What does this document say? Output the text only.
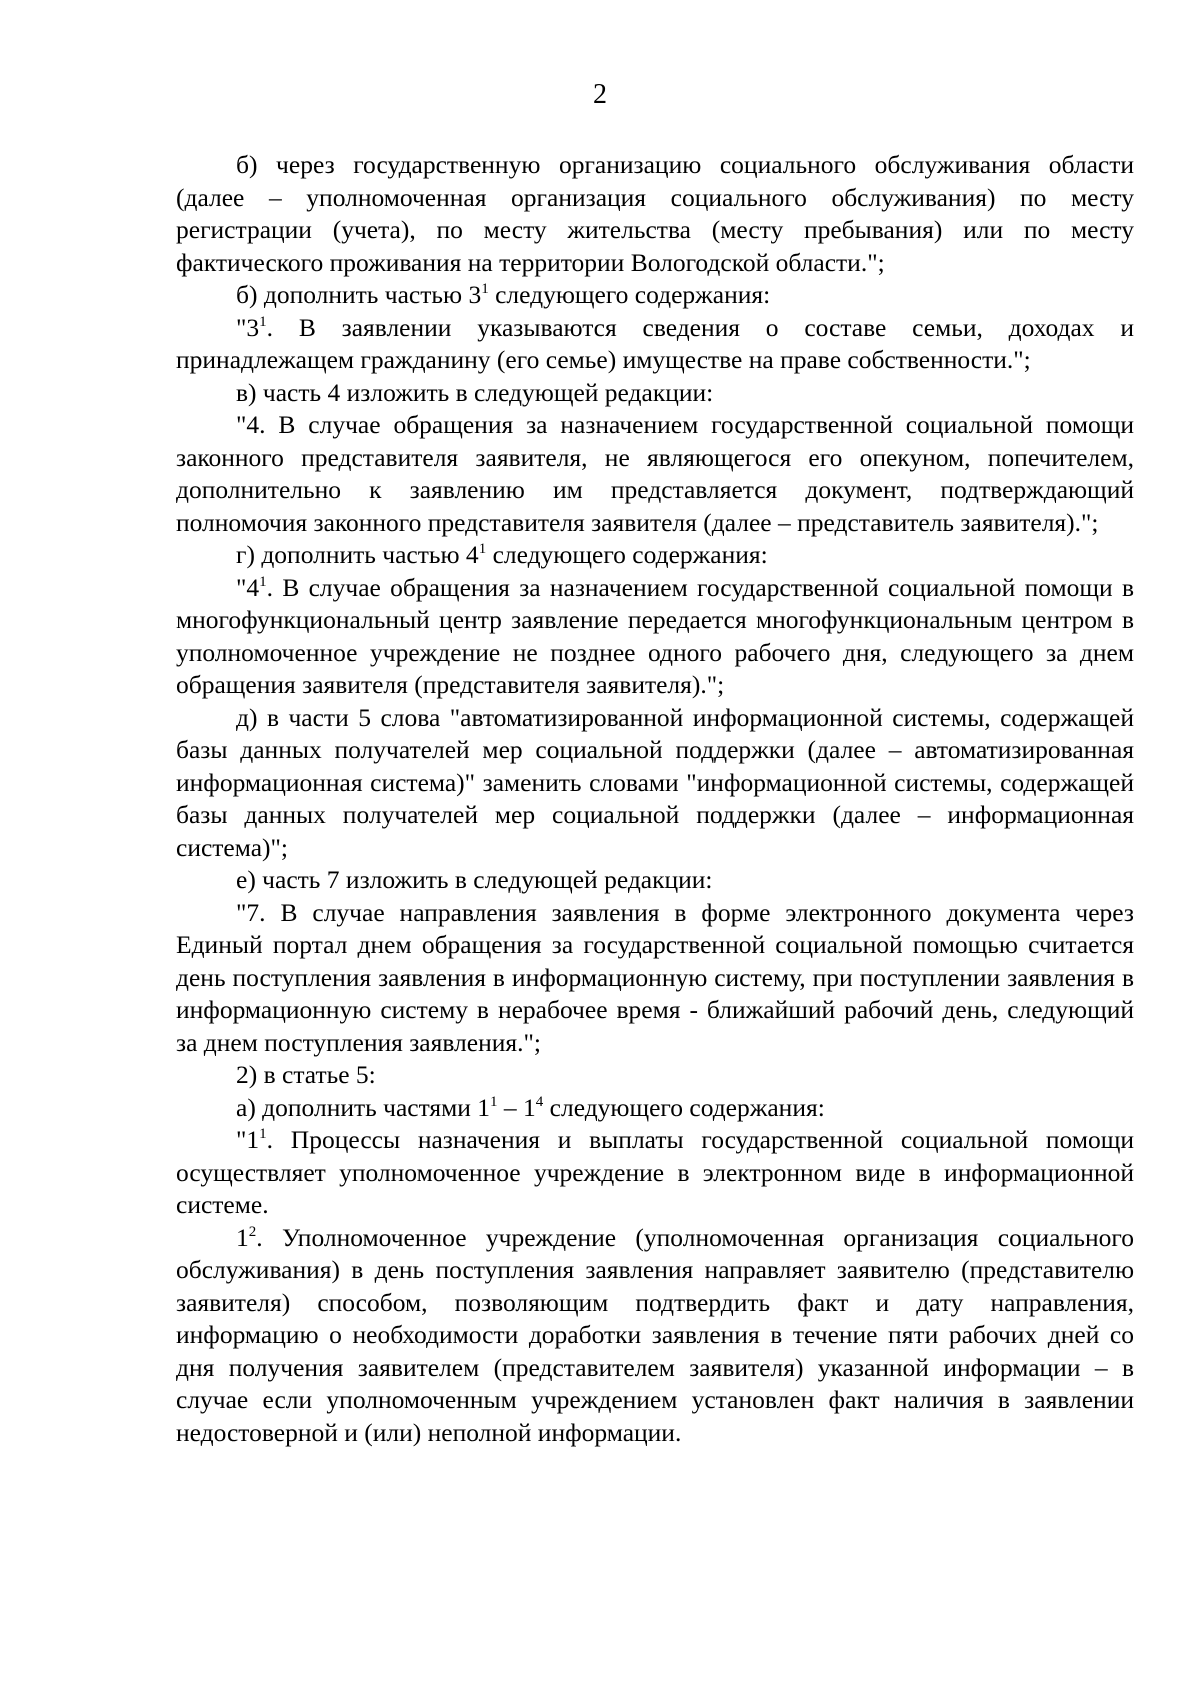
2

б) через государственную организацию социального обслуживания области (далее – уполномоченная организация социального обслуживания) по месту регистрации (учета), по месту жительства (месту пребывания) или по месту фактического проживания на территории Вологодской области.";

б) дополнить частью $3^1$ следующего содержания:

"$3^1$. В заявлении указываются сведения о составе семьи, доходах и принадлежащем гражданину (его семье) имуществе на праве собственности.";

в) часть 4 изложить в следующей редакции:

"4. В случае обращения за назначением государственной социальной помощи законного представителя заявителя, не являющегося его опекуном, попечителем, дополнительно к заявлению им представляется документ, подтверждающий полномочия законного представителя заявителя (далее – представитель заявителя).";

г) дополнить частью $4^1$ следующего содержания:

"$4^1$. В случае обращения за назначением государственной социальной помощи в многофункциональный центр заявление передается многофункциональным центром в уполномоченное учреждение не позднее одного рабочего дня, следующего за днем обращения заявителя (представителя заявителя).";

д) в части 5 слова "автоматизированной информационной системы, содержащей базы данных получателей мер социальной поддержки (далее – автоматизированная информационная система)" заменить словами "информационной системы, содержащей базы данных получателей мер социальной поддержки (далее – информационная система)";

е) часть 7 изложить в следующей редакции:

"7. В случае направления заявления в форме электронного документа через Единый портал днем обращения за государственной социальной помощью считается день поступления заявления в информационную систему, при поступлении заявления в информационную систему в нерабочее время - ближайший рабочий день, следующий за днем поступления заявления.";

2) в статье 5:

а) дополнить частями $1^1 - 1^4$ следующего содержания:

"$1^1$. Процессы назначения и выплаты государственной социальной помощи осуществляет уполномоченное учреждение в электронном виде в информационной системе.

$1^2$. Уполномоченное учреждение (уполномоченная организация социального обслуживания) в день поступления заявления направляет заявителю (представителю заявителя) способом, позволяющим подтвердить факт и дату направления, информацию о необходимости доработки заявления в течение пяти рабочих дней со дня получения заявителем (представителем заявителя) указанной информации – в случае если уполномоченным учреждением установлен факт наличия в заявлении недостоверной и (или) неполной информации.
